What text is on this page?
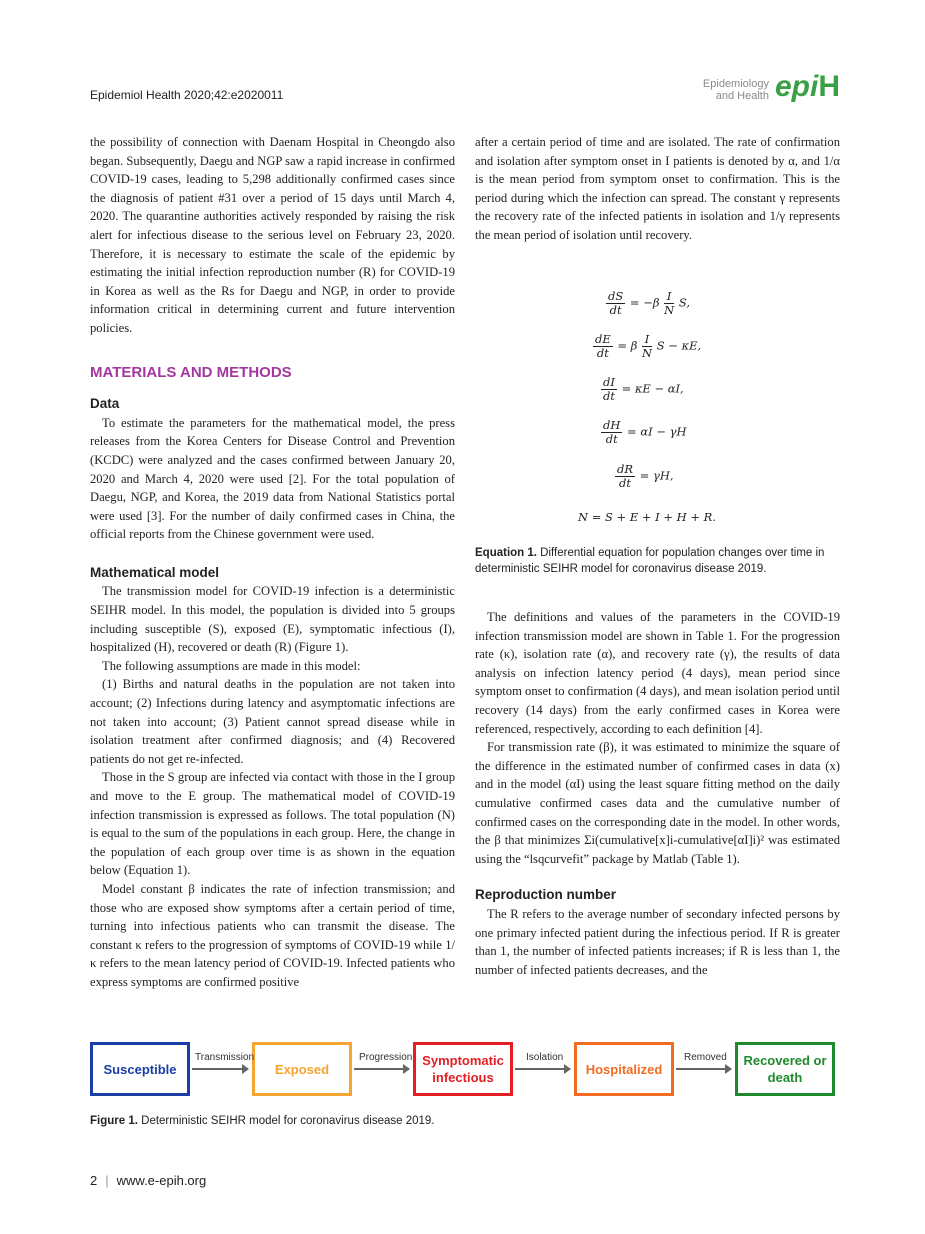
Epidemiol Health 2020;42:e2020011
Epidemiology
and Health epiH

the possibility of connection with Daenam Hospital in Cheongdo also began. Subsequently, Daegu and NGP saw a rapid increase in confirmed COVID-19 cases, leading to 5,298 additionally confirmed cases since the diagnosis of patient #31 over a period of 15 days until March 4, 2020. The quarantine authorities actively responded by raising the risk alert for infectious disease to the serious level on February 23, 2020. Therefore, it is necessary to estimate the scale of the epidemic by estimating the initial infection reproduction number (R) for COVID-19 in Korea as well as the Rs for Daegu and NGP, in order to provide information critical in determining current and future intervention policies.

MATERIALS AND METHODS

Data

To estimate the parameters for the mathematical model, the press releases from the Korea Centers for Disease Control and Prevention (KCDC) were analyzed and the cases confirmed between January 20, 2020 and March 4, 2020 were used [2]. For the total population of Daegu, NGP, and Korea, the 2019 data from National Statistics portal were used [3]. For the number of daily confirmed cases in China, the official reports from the Chinese government were used.

Mathematical model

The transmission model for COVID-19 infection is a deterministic SEIHR model. In this model, the population is divided into 5 groups including susceptible (S), exposed (E), symptomatic infectious (I), hospitalized (H), recovered or death (R) (Figure 1).

The following assumptions are made in this model:

(1) Births and natural deaths in the population are not taken into account; (2) Infections during latency and asymptomatic infections are not taken into account; (3) Patient cannot spread disease while in isolation treatment after confirmed diagnosis; and (4) Recovered patients do not get re-infected.

Those in the S group are infected via contact with those in the I group and move to the E group. The mathematical model of COVID-19 infection transmission is expressed as follows. The total population (N) is equal to the sum of the populations in each group. Here, the change in the population of each group over time is as shown in the equation below (Equation 1).

Model constant β indicates the rate of infection transmission; and those who are exposed show symptoms after a certain period of time, turning into infectious patients who can transmit the disease. The constant κ refers to the progression of symptoms of COVID-19 while 1/κ refers to the mean latency period of COVID-19. Infected patients who express symptoms are confirmed positive

after a certain period of time and are isolated. The rate of confirmation and isolation after symptom onset in I patients is denoted by α, and 1/α is the mean period from symptom onset to confirmation. This is the period during which the infection can spread. The constant γ represents the recovery rate of the infected patients in isolation and 1/γ represents the mean period of isolation until recovery.

$\frac{dS}{dt} = -\beta \frac{I}{N} S$,
$\frac{dE}{dt} = \beta \frac{I}{N}$ S − κE,
$\frac{dI}{dt} = \kappa E - \alpha I$,
$\frac{dH}{dt} = \alpha I - \gamma H$
$\frac{dR}{dt} = \gamma H$,
N = S + E + I + H + R.
Equation 1. Differential equation for population changes over time in deterministic SEIHR model for coronavirus disease 2019.

The definitions and values of the parameters in the COVID-19 infection transmission model are shown in Table 1. For the progression rate (κ), isolation rate (α), and recovery rate (γ), the results of data analysis on infection latency period (4 days), mean period since symptom onset to confirmation (4 days), and mean isolation period until recovery (14 days) from the early confirmed cases in Korea were referenced, respectively, according to each definition [4].

For transmission rate (β), it was estimated to minimize the square of the difference in the estimated number of confirmed cases in data (x) and in the model (αI) using the least square fitting method on the daily cumulative confirmed cases data and the cumulative number of confirmed cases on the corresponding date in the model. In other words, the β that minimizes Σi(cumulative[x]i-cumulative[αI]i)² was estimated using the “lsqcurvefit” package by Matlab (Table 1).

Reproduction number

The R refers to the average number of secondary infected persons by one primary infected patient during the infectious period. If R is greater than 1, the number of infected patients increases; if R is less than 1, the number of infected patients decreases, and the

Susceptible	Exposed
Symptomatic infectious
Hospitalized
Recovered or death
Transmission	Progression	Isolation	Removed
Figure 1. Deterministic SEIHR model for coronavirus disease 2019.
2 | www.e-epih.org
